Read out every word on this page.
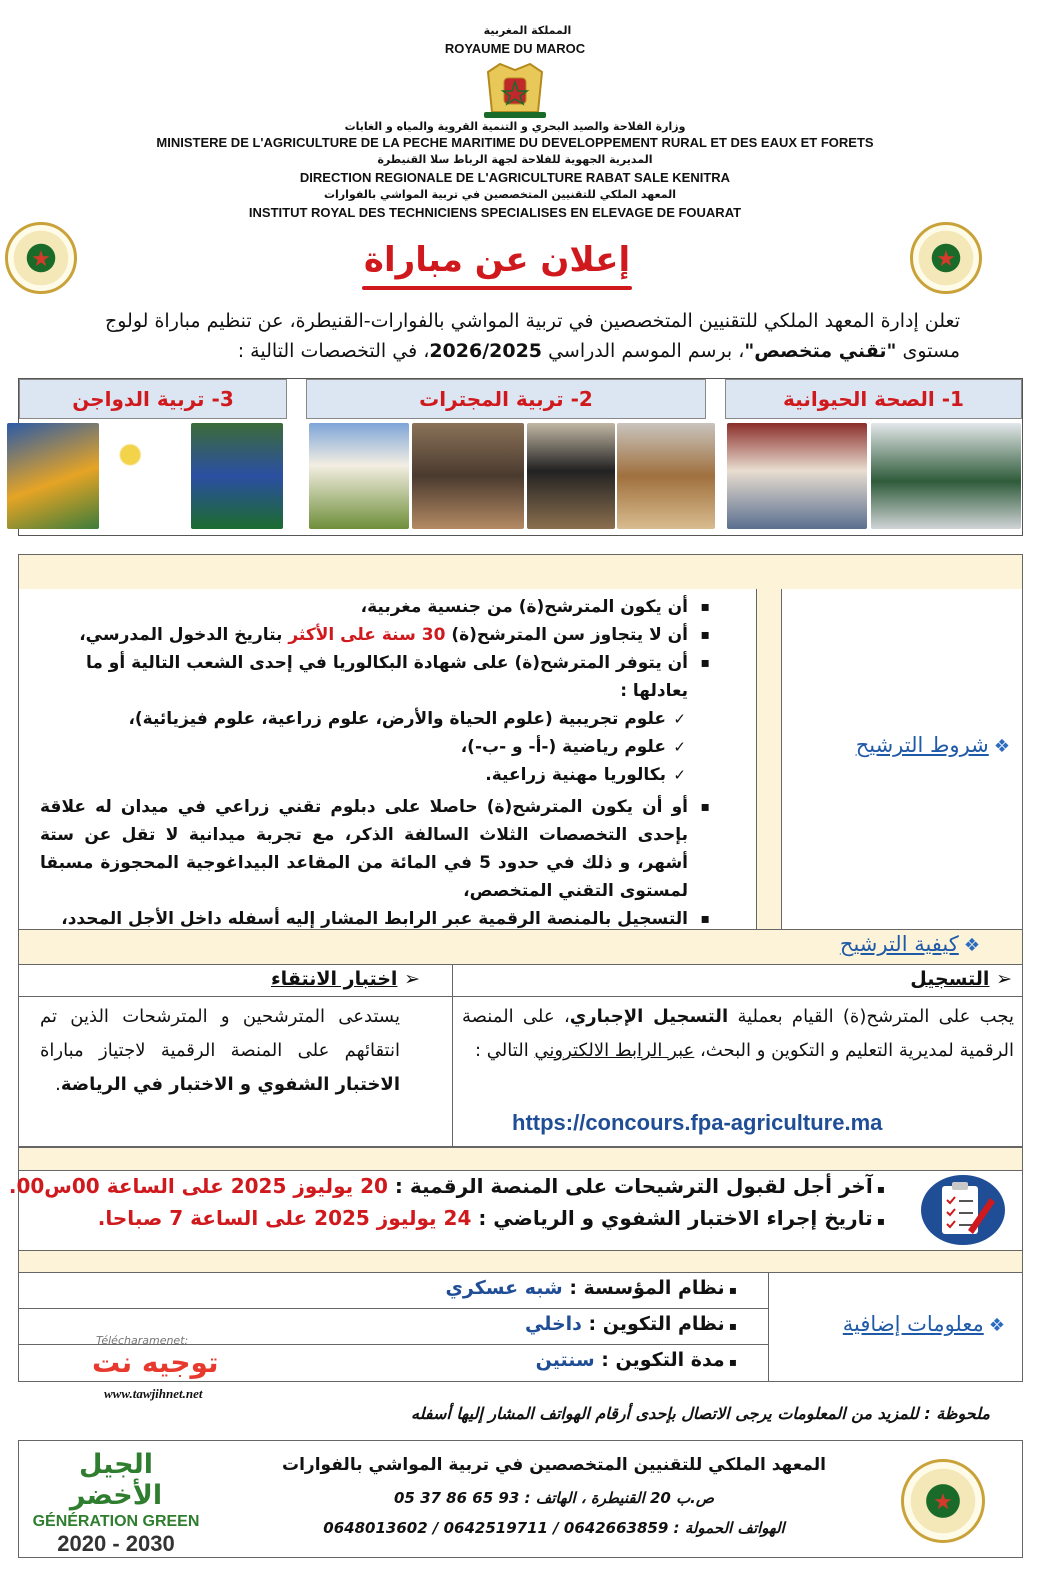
المملكة المغربية
ROYAUME DU MAROC
وزارة الفلاحة والصيد البحري و التنمية القروية والمياه و الغابات
MINISTERE DE L'AGRICULTURE DE LA PECHE MARITIME DU DEVELOPPEMENT RURAL ET DES EAUX ET FORETS
المديرية الجهوية للفلاحة لجهة الرباط سلا القنيطرة
DIRECTION REGIONALE DE L'AGRICULTURE RABAT SALE KENITRA
المعهد الملكي للتقنيين المتخصصين في تربية المواشي بالفوارات
INSTITUT ROYAL DES TECHNICIENS SPECIALISES EN ELEVAGE DE FOUARAT
★	★
إعلان عن مباراة
تعلن إدارة المعهد الملكي للتقنيين المتخصصين في تربية المواشي بالفوارات-القنيطرة، عن تنظيم مباراة لولوج
مستوى "تقني متخصص"، برسم الموسم الدراسي 2026/2025، في التخصصات التالية :
1- الصحة الحيوانية
2- تربية المجترات
3- تربية الدواجن
❖ شروط الترشيح
▪ أن يكون المترشح(ة) من جنسية مغربية،
▪ أن لا يتجاوز سن المترشح(ة) 30 سنة على الأكثر بتاريخ الدخول المدرسي،
▪ أن يتوفر المترشح(ة) على شهادة البكالوريا في إحدى الشعب التالية أو ما يعادلها :
✓ علوم تجريبية (علوم الحياة والأرض، علوم زراعية، علوم فيزيائية)،
✓ علوم رياضية (-أ- و -ب-)،
✓ بكالوريا مهنية زراعية.
▪ أو أن يكون المترشح(ة) حاصلا على دبلوم تقني زراعي في ميدان له علاقة بإحدى التخصصات الثلاث السالفة الذكر، مع تجربة ميدانية لا تقل عن ستة أشهر، و ذلك في حدود 5 في المائة من المقاعد البيداغوجية المحجوزة مسبقا لمستوى التقني المتخصص،
▪ التسجيل بالمنصة الرقمية عبر الرابط المشار إليه أسفله داخل الأجل المحدد،
▪
❖ كيفية الترشيح
➢ التسجيل
يجب على المترشح(ة) القيام بعملية التسجيل الإجباري، على المنصة الرقمية لمديرية التعليم و التكوين و البحث، عبر الرابط الالكتروني التالي :
https://concours.fpa-agriculture.ma
➢ اختبار الانتقاء
يستدعى المترشحين و المترشحات الذين تم انتقائهم على المنصة الرقمية لاجتياز مباراة الاختبار الشفوي و الاختبار في الرياضة.
▪ آخر أجل لقبول الترشيحات على المنصة الرقمية : 20 يوليوز 2025 على الساعة 00س00.
▪ تاريخ إجراء الاختبار الشفوي و الرياضي : 24 يوليوز 2025 على الساعة 7 صباحا.
❖ معلومات إضافية
▪ نظام المؤسسة : شبه عسكري
▪ نظام التكوين : داخلي
▪ مدة التكوين : سنتين
Télécharamenet:
توجيه نت
www.tawjihnet.net
ملحوظة : للمزيد من المعلومات يرجى الاتصال بإحدى أرقام الهواتف المشار إليها أسفله
الجيل الأخضر
GÉNÉRATION GREEN
2020 - 2030
المعهد الملكي للتقنيين المتخصصين في تربية المواشي بالفوارات
ص.ب 20 القنيطرة ، الهاتف : 93 65 86 37 05
الهواتف الحمولة : 0642663859 / 0642519711 / 0648013602
★
